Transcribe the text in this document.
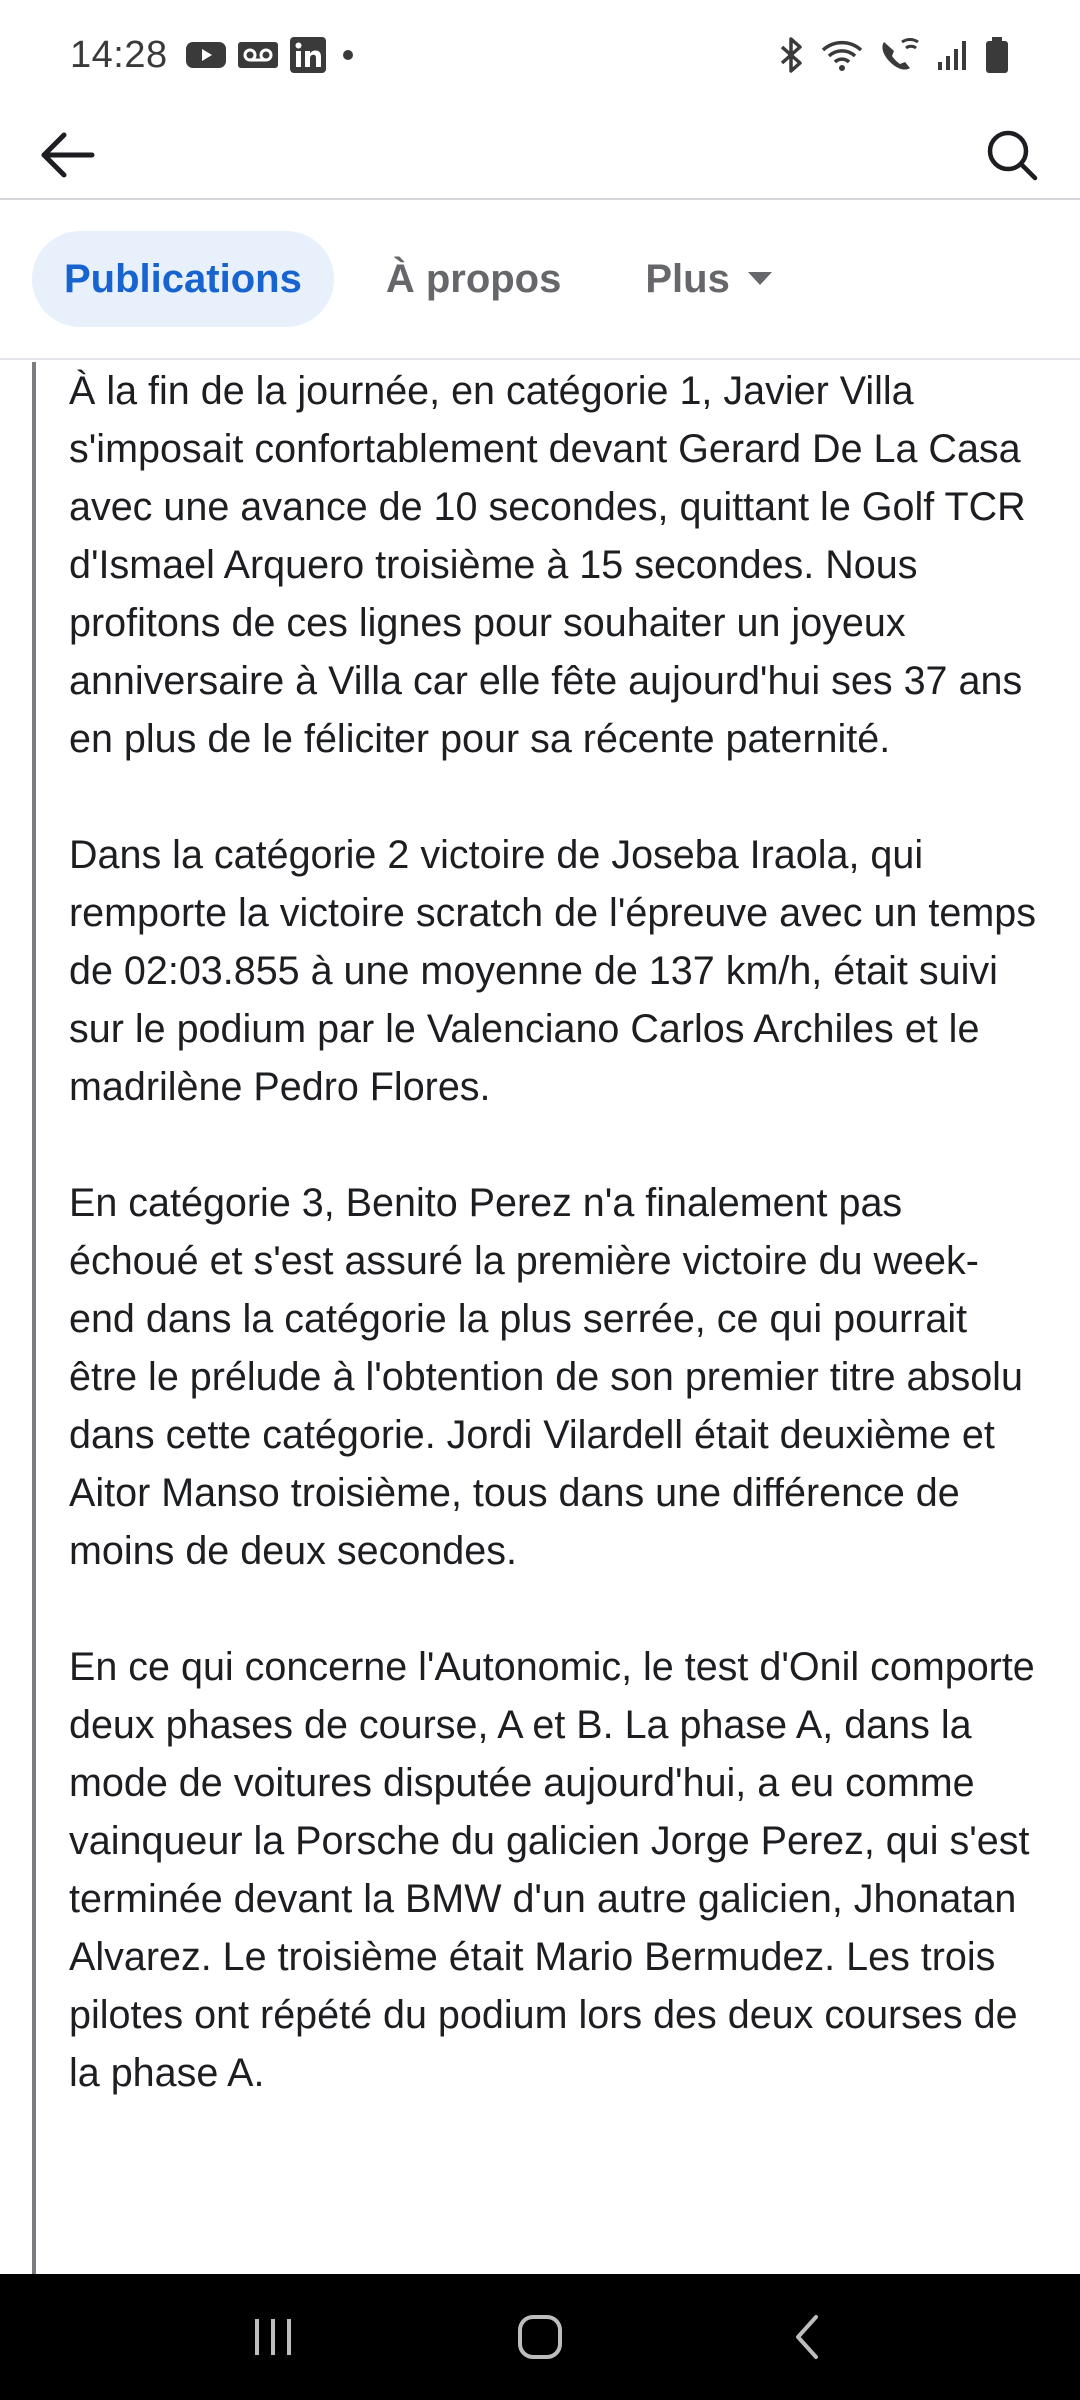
14:28
Publications À propos Plus

À la fin de la journée, en catégorie 1, Javier Villa s'imposait confortablement devant Gerard De La Casa avec une avance de 10 secondes, quittant le Golf TCR d'Ismael Arquero troisième à 15 secondes. Nous profitons de ces lignes pour souhaiter un joyeux anniversaire à Villa car elle fête aujourd'hui ses 37 ans en plus de le féliciter pour sa récente paternité.

Dans la catégorie 2 victoire de Joseba Iraola, qui remporte la victoire scratch de l'épreuve avec un temps de 02:03.855 à une moyenne de 137 km/h, était suivi sur le podium par le Valenciano Carlos Archiles et le madrilène Pedro Flores.

En catégorie 3, Benito Perez n'a finalement pas échoué et s'est assuré la première victoire du week-end dans la catégorie la plus serrée, ce qui pourrait être le prélude à l'obtention de son premier titre absolu dans cette catégorie. Jordi Vilardell était deuxième et Aitor Manso troisième, tous dans une différence de moins de deux secondes.

En ce qui concerne l'Autonomic, le test d'Onil comporte deux phases de course, A et B. La phase A, dans la mode de voitures disputée aujourd'hui, a eu comme vainqueur la Porsche du galicien Jorge Perez, qui s'est terminée devant la BMW d'un autre galicien, Jhonatan Alvarez. Le troisième était Mario Bermudez. Les trois pilotes ont répété du podium lors des deux courses de la phase A.
